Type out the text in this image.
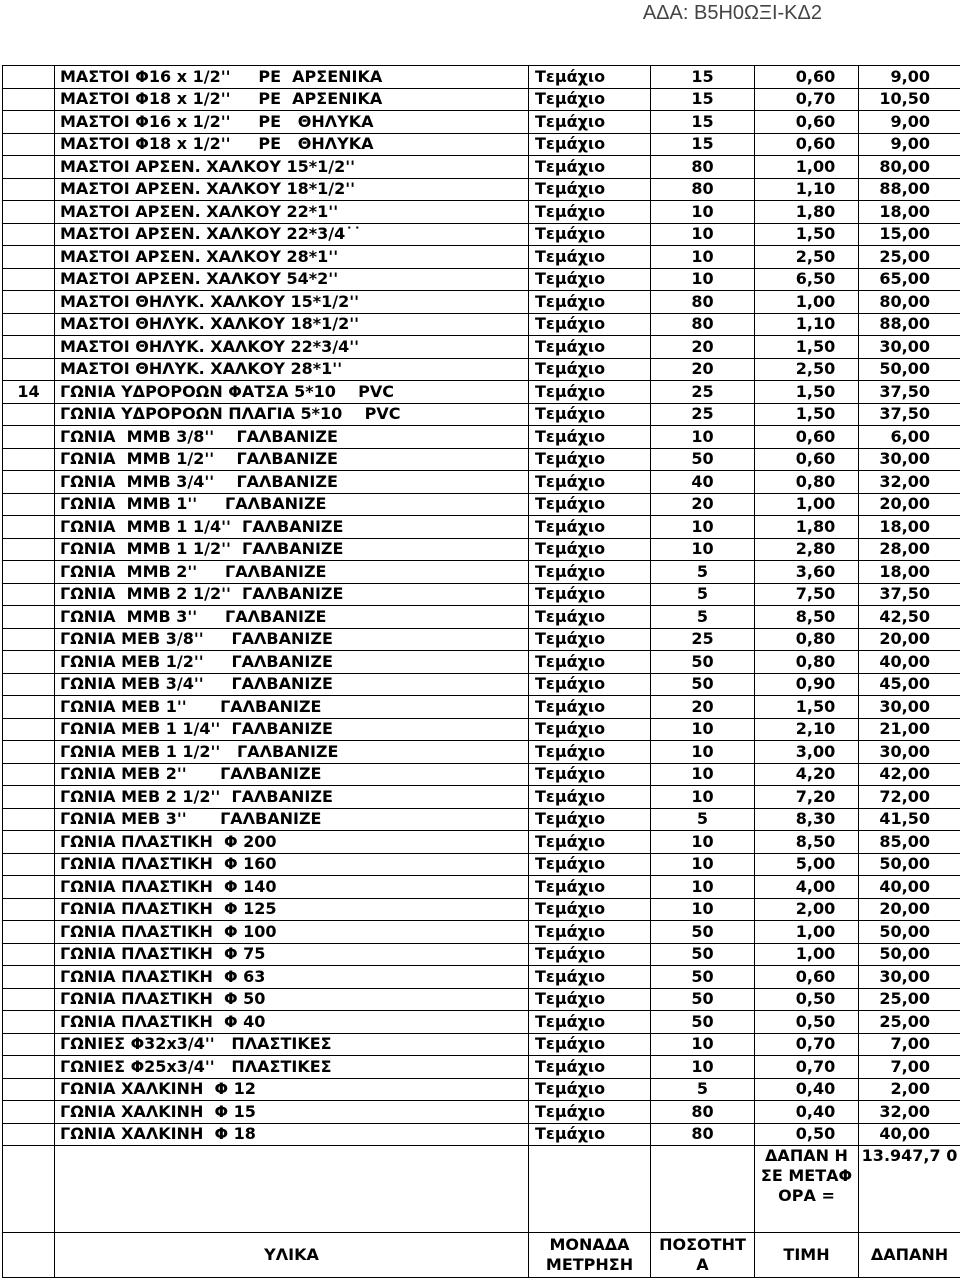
ΑΔΑ: Β5Η0ΩΞΙ-ΚΔ2
	ΜΑΣΤΟΙ Φ16 x 1/2''     PE  ΑΡΣΕΝΙΚΑ	Τεμάχιο	15	0,60	9,00
	ΜΑΣΤΟΙ Φ18 x 1/2''     PE  ΑΡΣΕΝΙΚΑ	Τεμάχιο	15	0,70	10,50
	ΜΑΣΤΟΙ Φ16 x 1/2''     PE   ΘΗΛΥΚΑ	Τεμάχιο	15	0,60	9,00
	ΜΑΣΤΟΙ Φ18 x 1/2''     PE   ΘΗΛΥΚΑ	Τεμάχιο	15	0,60	9,00
	ΜΑΣΤΟΙ ΑΡΣΕΝ. ΧΑΛΚΟΥ 15*1/2''	Τεμάχιο	80	1,00	80,00
	ΜΑΣΤΟΙ ΑΡΣΕΝ. ΧΑΛΚΟΥ 18*1/2''	Τεμάχιο	80	1,10	88,00
	ΜΑΣΤΟΙ ΑΡΣΕΝ. ΧΑΛΚΟΥ 22*1''	Τεμάχιο	10	1,80	18,00
	ΜΑΣΤΟΙ ΑΡΣΕΝ. ΧΑΛΚΟΥ 22*3/4˙˙	Τεμάχιο	10	1,50	15,00
	ΜΑΣΤΟΙ ΑΡΣΕΝ. ΧΑΛΚΟΥ 28*1''	Τεμάχιο	10	2,50	25,00
	ΜΑΣΤΟΙ ΑΡΣΕΝ. ΧΑΛΚΟΥ 54*2''	Τεμάχιο	10	6,50	65,00
	ΜΑΣΤΟΙ ΘΗΛΥΚ. ΧΑΛΚΟΥ 15*1/2''	Τεμάχιο	80	1,00	80,00
	ΜΑΣΤΟΙ ΘΗΛΥΚ. ΧΑΛΚΟΥ 18*1/2''	Τεμάχιο	80	1,10	88,00
	ΜΑΣΤΟΙ ΘΗΛΥΚ. ΧΑΛΚΟΥ 22*3/4''	Τεμάχιο	20	1,50	30,00
	ΜΑΣΤΟΙ ΘΗΛΥΚ. ΧΑΛΚΟΥ 28*1''	Τεμάχιο	20	2,50	50,00
14	ΓΩΝΙΑ ΥΔΡΟΡΟΩΝ ΦΑΤΣΑ 5*10    PVC	Τεμάχιο	25	1,50	37,50
	ΓΩΝΙΑ ΥΔΡΟΡΟΩΝ ΠΛΑΓΙΑ 5*10    PVC	Τεμάχιο	25	1,50	37,50
	ΓΩΝΙΑ  ΜΜΒ 3/8''    ΓΑΛΒΑΝΙΖΕ	Τεμάχιο	10	0,60	6,00
	ΓΩΝΙΑ  ΜΜΒ 1/2''    ΓΑΛΒΑΝΙΖΕ	Τεμάχιο	50	0,60	30,00
	ΓΩΝΙΑ  ΜΜΒ 3/4''    ΓΑΛΒΑΝΙΖΕ	Τεμάχιο	40	0,80	32,00
	ΓΩΝΙΑ  ΜΜΒ 1''     ΓΑΛΒΑΝΙΖΕ	Τεμάχιο	20	1,00	20,00
	ΓΩΝΙΑ  ΜΜΒ 1 1/4''  ΓΑΛΒΑΝΙΖΕ	Τεμάχιο	10	1,80	18,00
	ΓΩΝΙΑ  ΜΜΒ 1 1/2''  ΓΑΛΒΑΝΙΖΕ	Τεμάχιο	10	2,80	28,00
	ΓΩΝΙΑ  ΜΜΒ 2''     ΓΑΛΒΑΝΙΖΕ	Τεμάχιο	5	3,60	18,00
	ΓΩΝΙΑ  ΜΜΒ 2 1/2''  ΓΑΛΒΑΝΙΖΕ	Τεμάχιο	5	7,50	37,50
	ΓΩΝΙΑ  ΜΜΒ 3''     ΓΑΛΒΑΝΙΖΕ	Τεμάχιο	5	8,50	42,50
	ΓΩΝΙΑ ΜΕΒ 3/8''     ΓΑΛΒΑΝΙΖΕ	Τεμάχιο	25	0,80	20,00
	ΓΩΝΙΑ ΜΕΒ 1/2''     ΓΑΛΒΑΝΙΖΕ	Τεμάχιο	50	0,80	40,00
	ΓΩΝΙΑ ΜΕΒ 3/4''     ΓΑΛΒΑΝΙΖΕ	Τεμάχιο	50	0,90	45,00
	ΓΩΝΙΑ ΜΕΒ 1''      ΓΑΛΒΑΝΙΖΕ	Τεμάχιο	20	1,50	30,00
	ΓΩΝΙΑ ΜΕΒ 1 1/4''  ΓΑΛΒΑΝΙΖΕ	Τεμάχιο	10	2,10	21,00
	ΓΩΝΙΑ ΜΕΒ 1 1/2''   ΓΑΛΒΑΝΙΖΕ	Τεμάχιο	10	3,00	30,00
	ΓΩΝΙΑ ΜΕΒ 2''      ΓΑΛΒΑΝΙΖΕ	Τεμάχιο	10	4,20	42,00
	ΓΩΝΙΑ ΜΕΒ 2 1/2''  ΓΑΛΒΑΝΙΖΕ	Τεμάχιο	10	7,20	72,00
	ΓΩΝΙΑ ΜΕΒ 3''      ΓΑΛΒΑΝΙΖΕ	Τεμάχιο	5	8,30	41,50
	ΓΩΝΙΑ ΠΛΑΣΤΙΚΗ  Φ 200	Τεμάχιο	10	8,50	85,00
	ΓΩΝΙΑ ΠΛΑΣΤΙΚΗ  Φ 160	Τεμάχιο	10	5,00	50,00
	ΓΩΝΙΑ ΠΛΑΣΤΙΚΗ  Φ 140	Τεμάχιο	10	4,00	40,00
	ΓΩΝΙΑ ΠΛΑΣΤΙΚΗ  Φ 125	Τεμάχιο	10	2,00	20,00
	ΓΩΝΙΑ ΠΛΑΣΤΙΚΗ  Φ 100	Τεμάχιο	50	1,00	50,00
	ΓΩΝΙΑ ΠΛΑΣΤΙΚΗ  Φ 75	Τεμάχιο	50	1,00	50,00
	ΓΩΝΙΑ ΠΛΑΣΤΙΚΗ  Φ 63	Τεμάχιο	50	0,60	30,00
	ΓΩΝΙΑ ΠΛΑΣΤΙΚΗ  Φ 50	Τεμάχιο	50	0,50	25,00
	ΓΩΝΙΑ ΠΛΑΣΤΙΚΗ  Φ 40	Τεμάχιο	50	0,50	25,00
	ΓΩΝΙΕΣ Φ32x3/4''   ΠΛΑΣΤΙΚΕΣ	Τεμάχιο	10	0,70	7,00
	ΓΩΝΙΕΣ Φ25x3/4''   ΠΛΑΣΤΙΚΕΣ	Τεμάχιο	10	0,70	7,00
	ΓΩΝΙΑ ΧΑΛΚΙΝΗ  Φ 12	Τεμάχιο	5	0,40	2,00
	ΓΩΝΙΑ ΧΑΛΚΙΝΗ  Φ 15	Τεμάχιο	80	0,40	32,00
	ΓΩΝΙΑ ΧΑΛΚΙΝΗ  Φ 18	Τεμάχιο	80	0,50	40,00
				ΔΑΠΑΝ Η ΣΕ ΜΕΤΑΦ ΟΡΑ =	13.947,7 0
	ΥΛΙΚΑ	ΜΟΝΑΔΑ ΜΕΤΡΗΣΗ	ΠΟΣΟΤΗΤ Α	ΤΙΜΗ	ΔΑΠΑΝΗ
